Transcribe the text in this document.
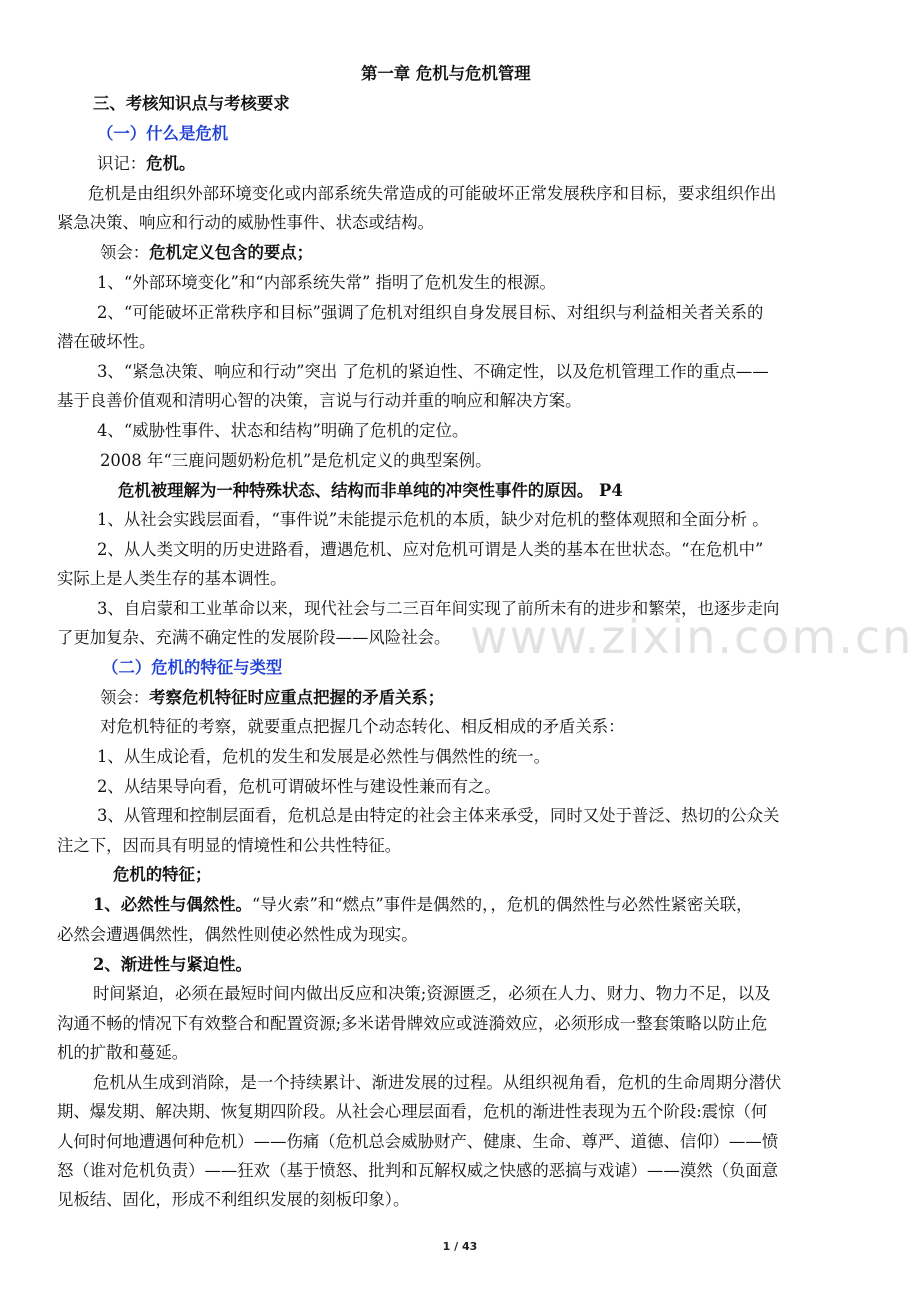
www.zixin.com.cn

第一章 危机与危机管理

三、考核知识点与考核要求

（一）什么是危机

识记：危机。

危机是由组织外部环境变化或内部系统失常造成的可能破坏正常发展秩序和目标，要求组织作出

紧急决策、响应和行动的威胁性事件、状态或结构。

领会：危机定义包含的要点；

1、“外部环境变化”和“内部系统失常” 指明了危机发生的根源。

2、“可能破坏正常秩序和目标”强调了危机对组织自身发展目标、对组织与利益相关者关系的

潜在破坏性。

3、“紧急决策、响应和行动”突出 了危机的紧迫性、不确定性，以及危机管理工作的重点——

基于良善价值观和清明心智的决策，言说与行动并重的响应和解决方案。

4、“威胁性事件、状态和结构”明确了危机的定位。

2008 年“三鹿问题奶粉危机”是危机定义的典型案例。

危机被理解为一种特殊状态、结构而非单纯的冲突性事件的原因。 P4

1、从社会实践层面看，“事件说”未能提示危机的本质，缺少对危机的整体观照和全面分析 。

2、从人类文明的历史进路看，遭遇危机、应对危机可谓是人类的基本在世状态。“在危机中”

实际上是人类生存的基本调性。

3、自启蒙和工业革命以来，现代社会与二三百年间实现了前所未有的进步和繁荣，也逐步走向

了更加复杂、充满不确定性的发展阶段——风险社会。

（二）危机的特征与类型

领会：考察危机特征时应重点把握的矛盾关系；

对危机特征的考察，就要重点把握几个动态转化、相反相成的矛盾关系：

1、从生成论看，危机的发生和发展是必然性与偶然性的统一。

2、从结果导向看，危机可谓破坏性与建设性兼而有之。

3、从管理和控制层面看，危机总是由特定的社会主体来承受，同时又处于普泛、热切的公众关

注之下，因而具有明显的情境性和公共性特征。

危机的特征；

1、必然性与偶然性。“导火索”和“燃点”事件是偶然的，，危机的偶然性与必然性紧密关联，

必然会遭遇偶然性，偶然性则使必然性成为现实。

2、渐进性与紧迫性。

时间紧迫，必须在最短时间内做出反应和决策;资源匮乏，必须在人力、财力、物力不足，以及

沟通不畅的情况下有效整合和配置资源;多米诺骨牌效应或涟漪效应，必须形成一整套策略以防止危

机的扩散和蔓延。

危机从生成到消除，是一个持续累计、渐进发展的过程。从组织视角看，危机的生命周期分潜伏

期、爆发期、解决期、恢复期四阶段。从社会心理层面看，危机的渐进性表现为五个阶段:震惊（何

人何时何地遭遇何种危机）——伤痛（危机总会威胁财产、健康、生命、尊严、道德、信仰）——愤

怒（谁对危机负责）——狂欢（基于愤怒、批判和瓦解权威之快感的恶搞与戏谑）——漠然（负面意

见板结、固化，形成不利组织发展的刻板印象）。

1 / 43
